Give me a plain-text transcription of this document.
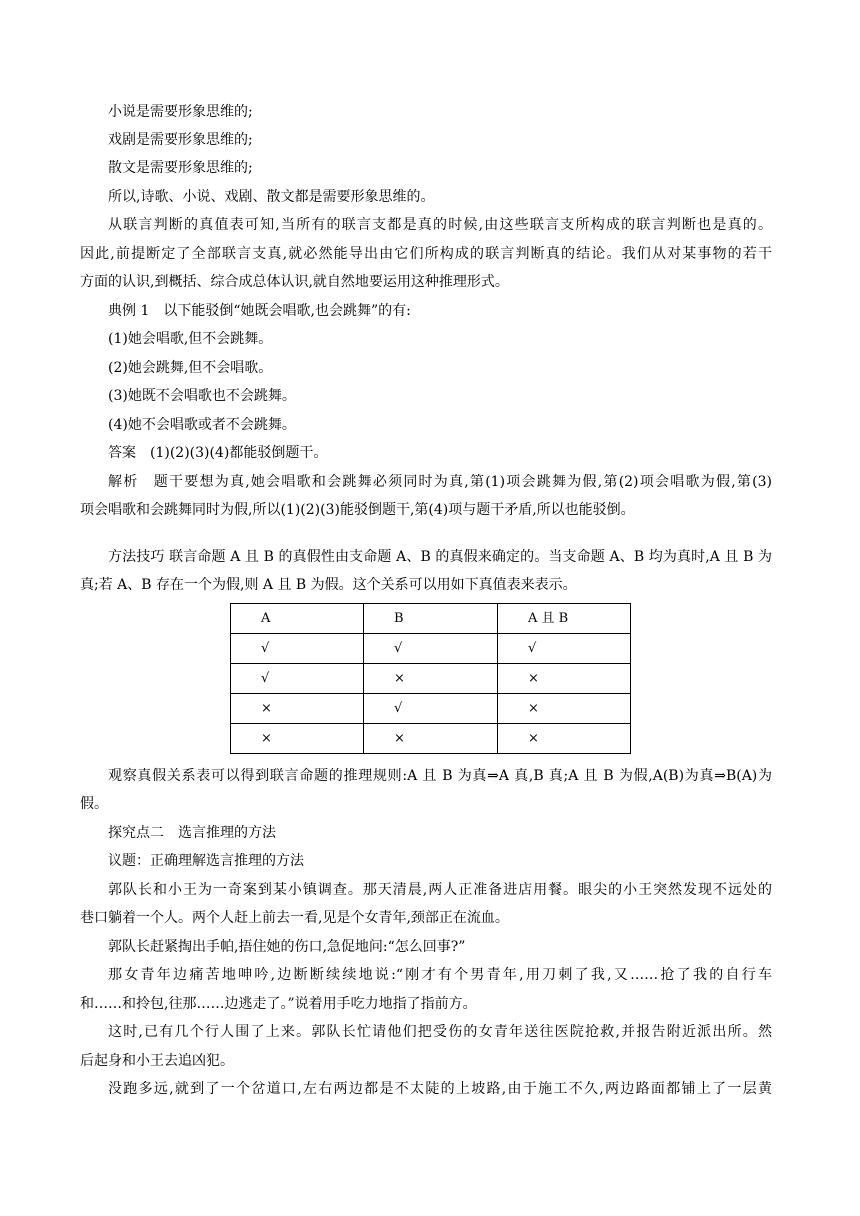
小说是需要形象思维的;
戏剧是需要形象思维的;
散文是需要形象思维的;
所以,诗歌、小说、戏剧、散文都是需要形象思维的。
从联言判断的真值表可知,当所有的联言支都是真的时候,由这些联言支所构成的联言判断也是真的。
因此,前提断定了全部联言支真,就必然能导出由它们所构成的联言判断真的结论。我们从对某事物的若干
方面的认识,到概括、综合成总体认识,就自然地要运用这种推理形式。
典例 1　以下能驳倒“她既会唱歌,也会跳舞”的有:
(1)她会唱歌,但不会跳舞。
(2)她会跳舞,但不会唱歌。
(3)她既不会唱歌也不会跳舞。
(4)她不会唱歌或者不会跳舞。
答案　(1)(2)(3)(4)都能驳倒题干。
解析　题干要想为真,她会唱歌和会跳舞必须同时为真,第(1)项会跳舞为假,第(2)项会唱歌为假,第(3)
项会唱歌和会跳舞同时为假,所以(1)(2)(3)能驳倒题干,第(4)项与题干矛盾,所以也能驳倒。
方法技巧 联言命题 A 且 B 的真假性由支命题 A、B 的真假来确定的。当支命题 A、B 均为真时,A 且 B 为
真;若 A、B 存在一个为假,则 A 且 B 为假。这个关系可以用如下真值表来表示。
A	B	A 且 B
√	√	√
√	×	×
×	√	×
×	×	×
观察真假关系表可以得到联言命题的推理规则:A 且 B 为真⇒A 真,B 真;A 且 B 为假,A(B)为真⇒B(A)为
假。
探究点二　选言推理的方法
议题：正确理解选言推理的方法
郭队长和小王为一奇案到某小镇调查。那天清晨,两人正准备进店用餐。眼尖的小王突然发现不远处的
巷口躺着一个人。两个人赶上前去一看,见是个女青年,颈部正在流血。
郭队长赶紧掏出手帕,捂住她的伤口,急促地问:“怎么回事?”
那女青年边痛苦地呻吟,边断断续续地说:“刚才有个男青年,用刀刺了我,又……抢了我的自行车
和……和拎包,往那……边逃走了。”说着用手吃力地指了指前方。
这时,已有几个行人围了上来。郭队长忙请他们把受伤的女青年送往医院抢救,并报告附近派出所。然
后起身和小王去追凶犯。
没跑多远,就到了一个岔道口,左右两边都是不太陡的上坡路,由于施工不久,两边路面都铺上了一层黄
